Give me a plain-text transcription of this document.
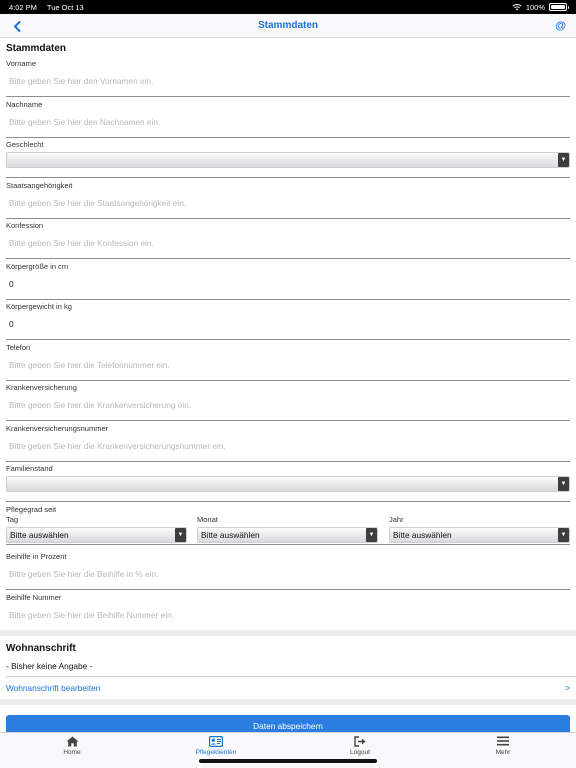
4:02 PM Tue Oct 13	100%
Stammdaten	@
Stammdaten
Vorname
Bitte geben Sie hier den Vornamen ein.
Nachname
Bitte geben Sie hier den Nachnamen ein.
Geschlecht
▼
Staatsangehörigkeit
Bitte geben Sie hier die Staatsangehörigkeit ein.
Konfession
Bitte geben Sie hier die Konfession ein.
Körpergröße in cm
0
Körpergewicht in kg
0
Telefon
Bitte geben Sie hier die Telefonnummer ein.
Krankenversicherung
Bitte geben Sie hier die Krankenversicherung ein.
Krankenversicherungsnummer
Bitte geben Sie hier die Krankenversicherungsnummer ein.
Familienstand
▼
Pflegegrad seit
Tag
Bitte auswählen	▼
Monat
Bitte auswählen	▼
Jahr
Bitte auswählen	▼
Beihilfe in Prozent
Bitte geben Sie hier die Beihilfe in % ein.
Beihilfe Nummer
Bitte geben Sie hier die Beihilfe Nummer ein.
Wohnanschrift
- Bisher keine Angabe -
Wohnanschrift bearbeiten	>
Daten abspeichern
Home	Pflegeklienten	Logout	Mehr
